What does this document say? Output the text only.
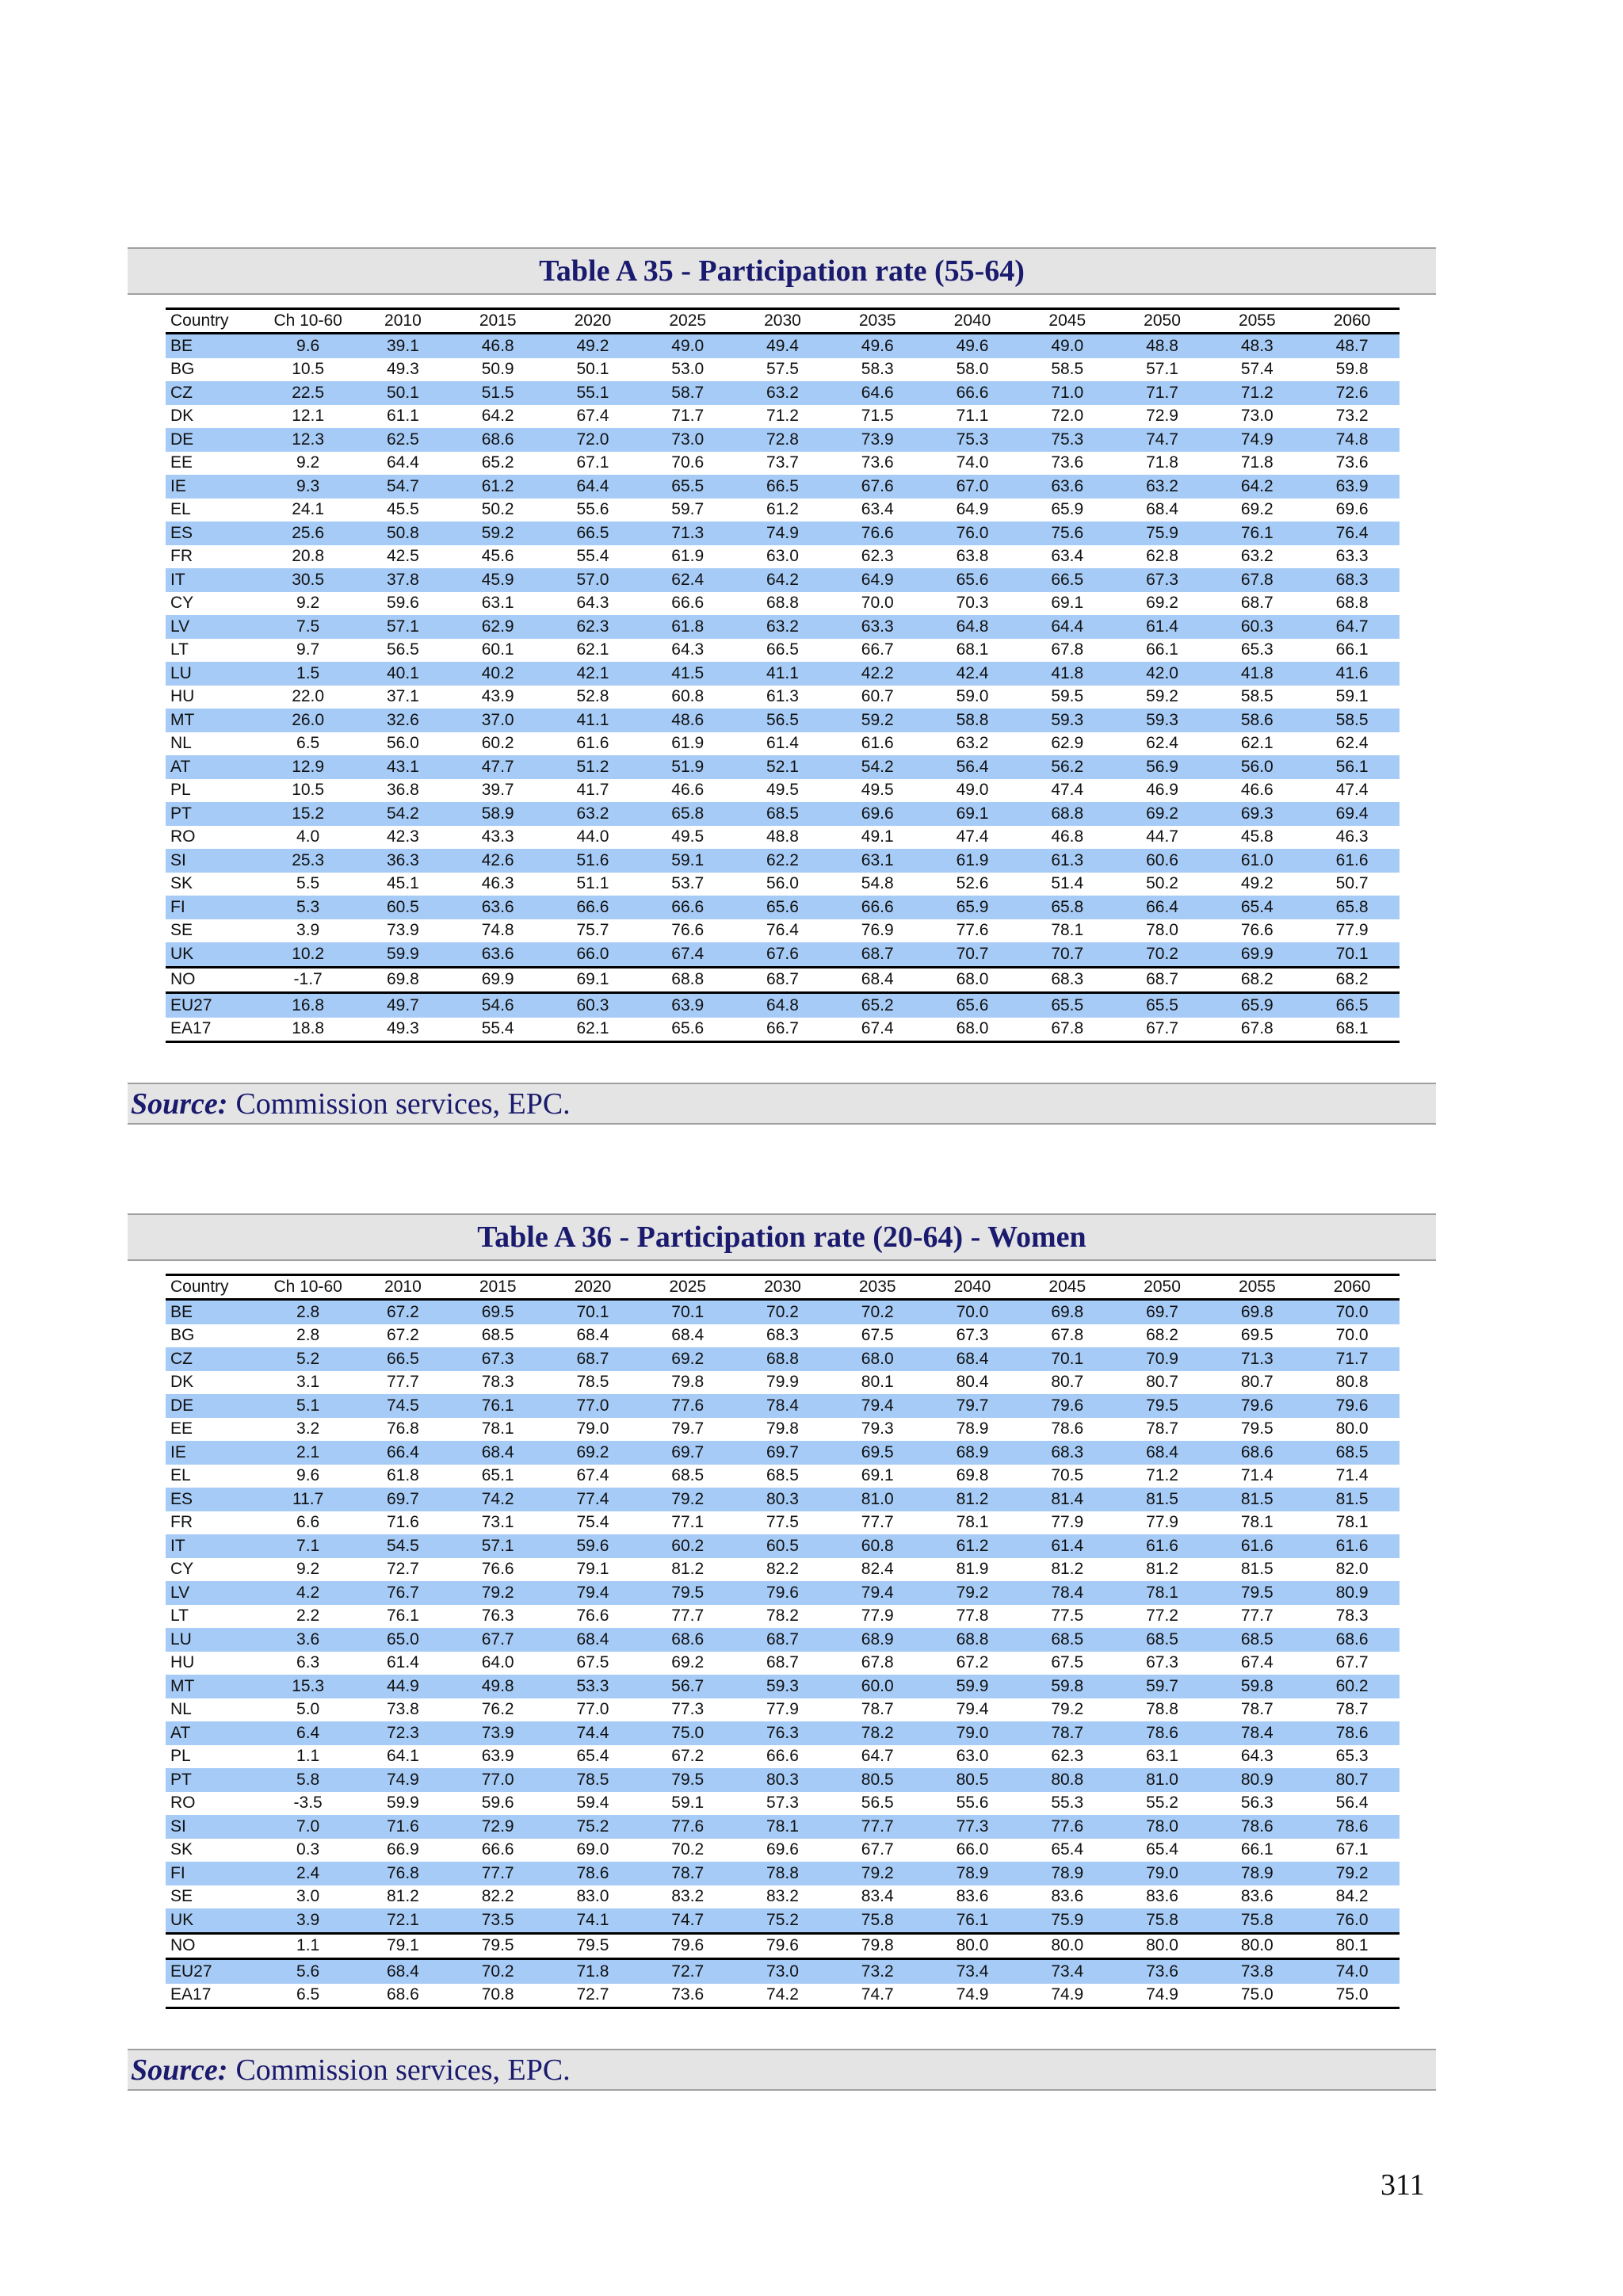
Table A 35 - Participation rate (55-64)
Country	Ch 10-60	2010	2015	2020	2025	2030	2035	2040	2045	2050	2055	2060
BE	9.6	39.1	46.8	49.2	49.0	49.4	49.6	49.6	49.0	48.8	48.3	48.7
BG	10.5	49.3	50.9	50.1	53.0	57.5	58.3	58.0	58.5	57.1	57.4	59.8
CZ	22.5	50.1	51.5	55.1	58.7	63.2	64.6	66.6	71.0	71.7	71.2	72.6
DK	12.1	61.1	64.2	67.4	71.7	71.2	71.5	71.1	72.0	72.9	73.0	73.2
DE	12.3	62.5	68.6	72.0	73.0	72.8	73.9	75.3	75.3	74.7	74.9	74.8
EE	9.2	64.4	65.2	67.1	70.6	73.7	73.6	74.0	73.6	71.8	71.8	73.6
IE	9.3	54.7	61.2	64.4	65.5	66.5	67.6	67.0	63.6	63.2	64.2	63.9
EL	24.1	45.5	50.2	55.6	59.7	61.2	63.4	64.9	65.9	68.4	69.2	69.6
ES	25.6	50.8	59.2	66.5	71.3	74.9	76.6	76.0	75.6	75.9	76.1	76.4
FR	20.8	42.5	45.6	55.4	61.9	63.0	62.3	63.8	63.4	62.8	63.2	63.3
IT	30.5	37.8	45.9	57.0	62.4	64.2	64.9	65.6	66.5	67.3	67.8	68.3
CY	9.2	59.6	63.1	64.3	66.6	68.8	70.0	70.3	69.1	69.2	68.7	68.8
LV	7.5	57.1	62.9	62.3	61.8	63.2	63.3	64.8	64.4	61.4	60.3	64.7
LT	9.7	56.5	60.1	62.1	64.3	66.5	66.7	68.1	67.8	66.1	65.3	66.1
LU	1.5	40.1	40.2	42.1	41.5	41.1	42.2	42.4	41.8	42.0	41.8	41.6
HU	22.0	37.1	43.9	52.8	60.8	61.3	60.7	59.0	59.5	59.2	58.5	59.1
MT	26.0	32.6	37.0	41.1	48.6	56.5	59.2	58.8	59.3	59.3	58.6	58.5
NL	6.5	56.0	60.2	61.6	61.9	61.4	61.6	63.2	62.9	62.4	62.1	62.4
AT	12.9	43.1	47.7	51.2	51.9	52.1	54.2	56.4	56.2	56.9	56.0	56.1
PL	10.5	36.8	39.7	41.7	46.6	49.5	49.5	49.0	47.4	46.9	46.6	47.4
PT	15.2	54.2	58.9	63.2	65.8	68.5	69.6	69.1	68.8	69.2	69.3	69.4
RO	4.0	42.3	43.3	44.0	49.5	48.8	49.1	47.4	46.8	44.7	45.8	46.3
SI	25.3	36.3	42.6	51.6	59.1	62.2	63.1	61.9	61.3	60.6	61.0	61.6
SK	5.5	45.1	46.3	51.1	53.7	56.0	54.8	52.6	51.4	50.2	49.2	50.7
FI	5.3	60.5	63.6	66.6	66.6	65.6	66.6	65.9	65.8	66.4	65.4	65.8
SE	3.9	73.9	74.8	75.7	76.6	76.4	76.9	77.6	78.1	78.0	76.6	77.9
UK	10.2	59.9	63.6	66.0	67.4	67.6	68.7	70.7	70.7	70.2	69.9	70.1
NO	-1.7	69.8	69.9	69.1	68.8	68.7	68.4	68.0	68.3	68.7	68.2	68.2
EU27	16.8	49.7	54.6	60.3	63.9	64.8	65.2	65.6	65.5	65.5	65.9	66.5
EA17	18.8	49.3	55.4	62.1	65.6	66.7	67.4	68.0	67.8	67.7	67.8	68.1
Source: Commission services, EPC.
Table A 36 - Participation rate (20-64) - Women
Country	Ch 10-60	2010	2015	2020	2025	2030	2035	2040	2045	2050	2055	2060
BE	2.8	67.2	69.5	70.1	70.1	70.2	70.2	70.0	69.8	69.7	69.8	70.0
BG	2.8	67.2	68.5	68.4	68.4	68.3	67.5	67.3	67.8	68.2	69.5	70.0
CZ	5.2	66.5	67.3	68.7	69.2	68.8	68.0	68.4	70.1	70.9	71.3	71.7
DK	3.1	77.7	78.3	78.5	79.8	79.9	80.1	80.4	80.7	80.7	80.7	80.8
DE	5.1	74.5	76.1	77.0	77.6	78.4	79.4	79.7	79.6	79.5	79.6	79.6
EE	3.2	76.8	78.1	79.0	79.7	79.8	79.3	78.9	78.6	78.7	79.5	80.0
IE	2.1	66.4	68.4	69.2	69.7	69.7	69.5	68.9	68.3	68.4	68.6	68.5
EL	9.6	61.8	65.1	67.4	68.5	68.5	69.1	69.8	70.5	71.2	71.4	71.4
ES	11.7	69.7	74.2	77.4	79.2	80.3	81.0	81.2	81.4	81.5	81.5	81.5
FR	6.6	71.6	73.1	75.4	77.1	77.5	77.7	78.1	77.9	77.9	78.1	78.1
IT	7.1	54.5	57.1	59.6	60.2	60.5	60.8	61.2	61.4	61.6	61.6	61.6
CY	9.2	72.7	76.6	79.1	81.2	82.2	82.4	81.9	81.2	81.2	81.5	82.0
LV	4.2	76.7	79.2	79.4	79.5	79.6	79.4	79.2	78.4	78.1	79.5	80.9
LT	2.2	76.1	76.3	76.6	77.7	78.2	77.9	77.8	77.5	77.2	77.7	78.3
LU	3.6	65.0	67.7	68.4	68.6	68.7	68.9	68.8	68.5	68.5	68.5	68.6
HU	6.3	61.4	64.0	67.5	69.2	68.7	67.8	67.2	67.5	67.3	67.4	67.7
MT	15.3	44.9	49.8	53.3	56.7	59.3	60.0	59.9	59.8	59.7	59.8	60.2
NL	5.0	73.8	76.2	77.0	77.3	77.9	78.7	79.4	79.2	78.8	78.7	78.7
AT	6.4	72.3	73.9	74.4	75.0	76.3	78.2	79.0	78.7	78.6	78.4	78.6
PL	1.1	64.1	63.9	65.4	67.2	66.6	64.7	63.0	62.3	63.1	64.3	65.3
PT	5.8	74.9	77.0	78.5	79.5	80.3	80.5	80.5	80.8	81.0	80.9	80.7
RO	-3.5	59.9	59.6	59.4	59.1	57.3	56.5	55.6	55.3	55.2	56.3	56.4
SI	7.0	71.6	72.9	75.2	77.6	78.1	77.7	77.3	77.6	78.0	78.6	78.6
SK	0.3	66.9	66.6	69.0	70.2	69.6	67.7	66.0	65.4	65.4	66.1	67.1
FI	2.4	76.8	77.7	78.6	78.7	78.8	79.2	78.9	78.9	79.0	78.9	79.2
SE	3.0	81.2	82.2	83.0	83.2	83.2	83.4	83.6	83.6	83.6	83.6	84.2
UK	3.9	72.1	73.5	74.1	74.7	75.2	75.8	76.1	75.9	75.8	75.8	76.0
NO	1.1	79.1	79.5	79.5	79.6	79.6	79.8	80.0	80.0	80.0	80.0	80.1
EU27	5.6	68.4	70.2	71.8	72.7	73.0	73.2	73.4	73.4	73.6	73.8	74.0
EA17	6.5	68.6	70.8	72.7	73.6	74.2	74.7	74.9	74.9	74.9	75.0	75.0
Source: Commission services, EPC.
311
